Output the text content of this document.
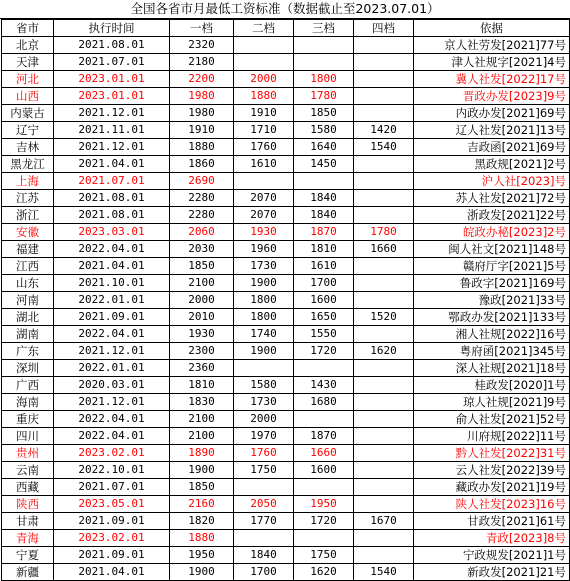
全国各省市月最低工资标准（数据截止至2023.07.01）
省市	执行时间	一档	二档	三档	四档	依据
北京	2021.08.01	2320				京人社劳发[2021]77号
天津	2021.07.01	2180				津人社规字[2021]4号
河北	2023.01.01	2200	2000	1800		冀人社发[2022]17号
山西	2023.01.01	1980	1880	1780		晋政办发[2023]9号
内蒙古	2021.12.01	1980	1910	1850		内政办发[2021]69号
辽宁	2021.11.01	1910	1710	1580	1420	辽人社发[2021]13号
吉林	2021.12.01	1880	1760	1640	1540	吉政函[2021]69号
黑龙江	2021.04.01	1860	1610	1450		黑政规[2021]2号
上海	2021.07.01	2690				沪人社[2023]号
江苏	2021.08.01	2280	2070	1840		苏人社发[2021]72号
浙江	2021.08.01	2280	2070	1840		浙政发[2021]22号
安徽	2023.03.01	2060	1930	1870	1780	皖政办秘[2023]2号
福建	2022.04.01	2030	1960	1810	1660	闽人社文[2021]148号
江西	2021.04.01	1850	1730	1610		赣府厅字[2021]5号
山东	2021.10.01	2100	1900	1700		鲁政字[2021]169号
河南	2022.01.01	2000	1800	1600		豫政[2021]33号
湖北	2021.09.01	2010	1800	1650	1520	鄂政办发[2021]133号
湖南	2022.04.01	1930	1740	1550		湘人社规[2022]16号
广东	2021.12.01	2300	1900	1720	1620	粤府函[2021]345号
深圳	2022.01.01	2360				深人社规[2021]18号
广西	2020.03.01	1810	1580	1430		桂政发[2020]1号
海南	2021.12.01	1830	1730	1680		琼人社规[2021]9号
重庆	2022.04.01	2100	2000			俞人社发[2021]52号
四川	2022.04.01	2100	1970	1870		川府规[2022]11号
贵州	2023.02.01	1890	1760	1660		黔人社发[2022]31号
云南	2022.10.01	1900	1750	1600		云人社发[2022]39号
西藏	2021.07.01	1850				藏政办发[2021]19号
陕西	2023.05.01	2160	2050	1950		陕人社发[2023]16号
甘肃	2021.09.01	1820	1770	1720	1670	甘政发[2021]61号
青海	2023.02.01	1880				青政[2023]8号
宁夏	2021.09.01	1950	1840	1750		宁政规发[2021]1号
新疆	2021.04.01	1900	1700	1620	1540	新政发[2021]21号
